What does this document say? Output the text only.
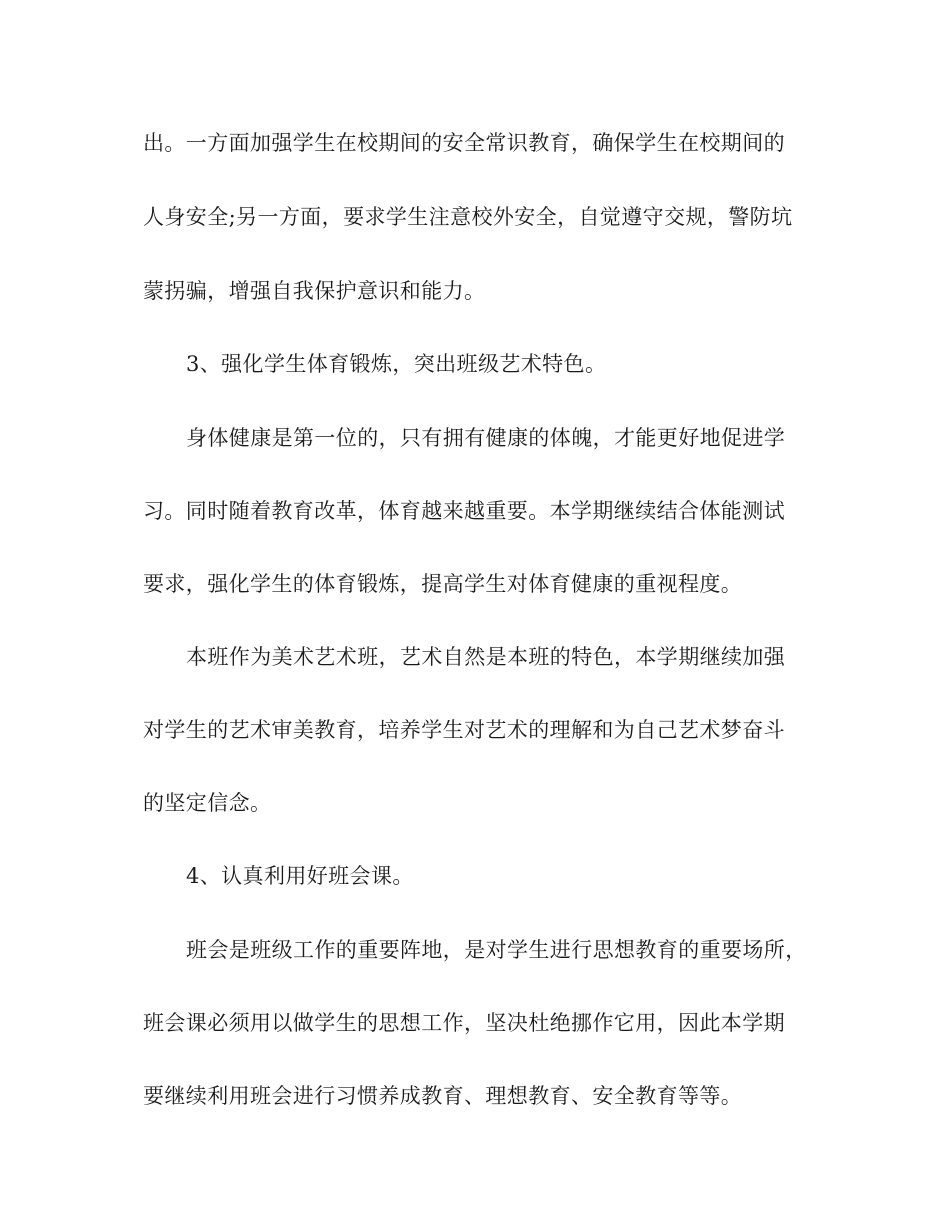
出。一方面加强学生在校期间的安全常识教育，确保学生在校期间的
人身安全;另一方面，要求学生注意校外安全，自觉遵守交规，警防坑
蒙拐骗，增强自我保护意识和能力。
3、强化学生体育锻炼，突出班级艺术特色。
身体健康是第一位的，只有拥有健康的体魄，才能更好地促进学
习。同时随着教育改革，体育越来越重要。本学期继续结合体能测试
要求，强化学生的体育锻炼，提高学生对体育健康的重视程度。
本班作为美术艺术班，艺术自然是本班的特色，本学期继续加强
对学生的艺术审美教育，培养学生对艺术的理解和为自己艺术梦奋斗
的坚定信念。
4、认真利用好班会课。
班会是班级工作的重要阵地，是对学生进行思想教育的重要场所，
班会课必须用以做学生的思想工作，坚决杜绝挪作它用，因此本学期
要继续利用班会进行习惯养成教育、理想教育、安全教育等等。
